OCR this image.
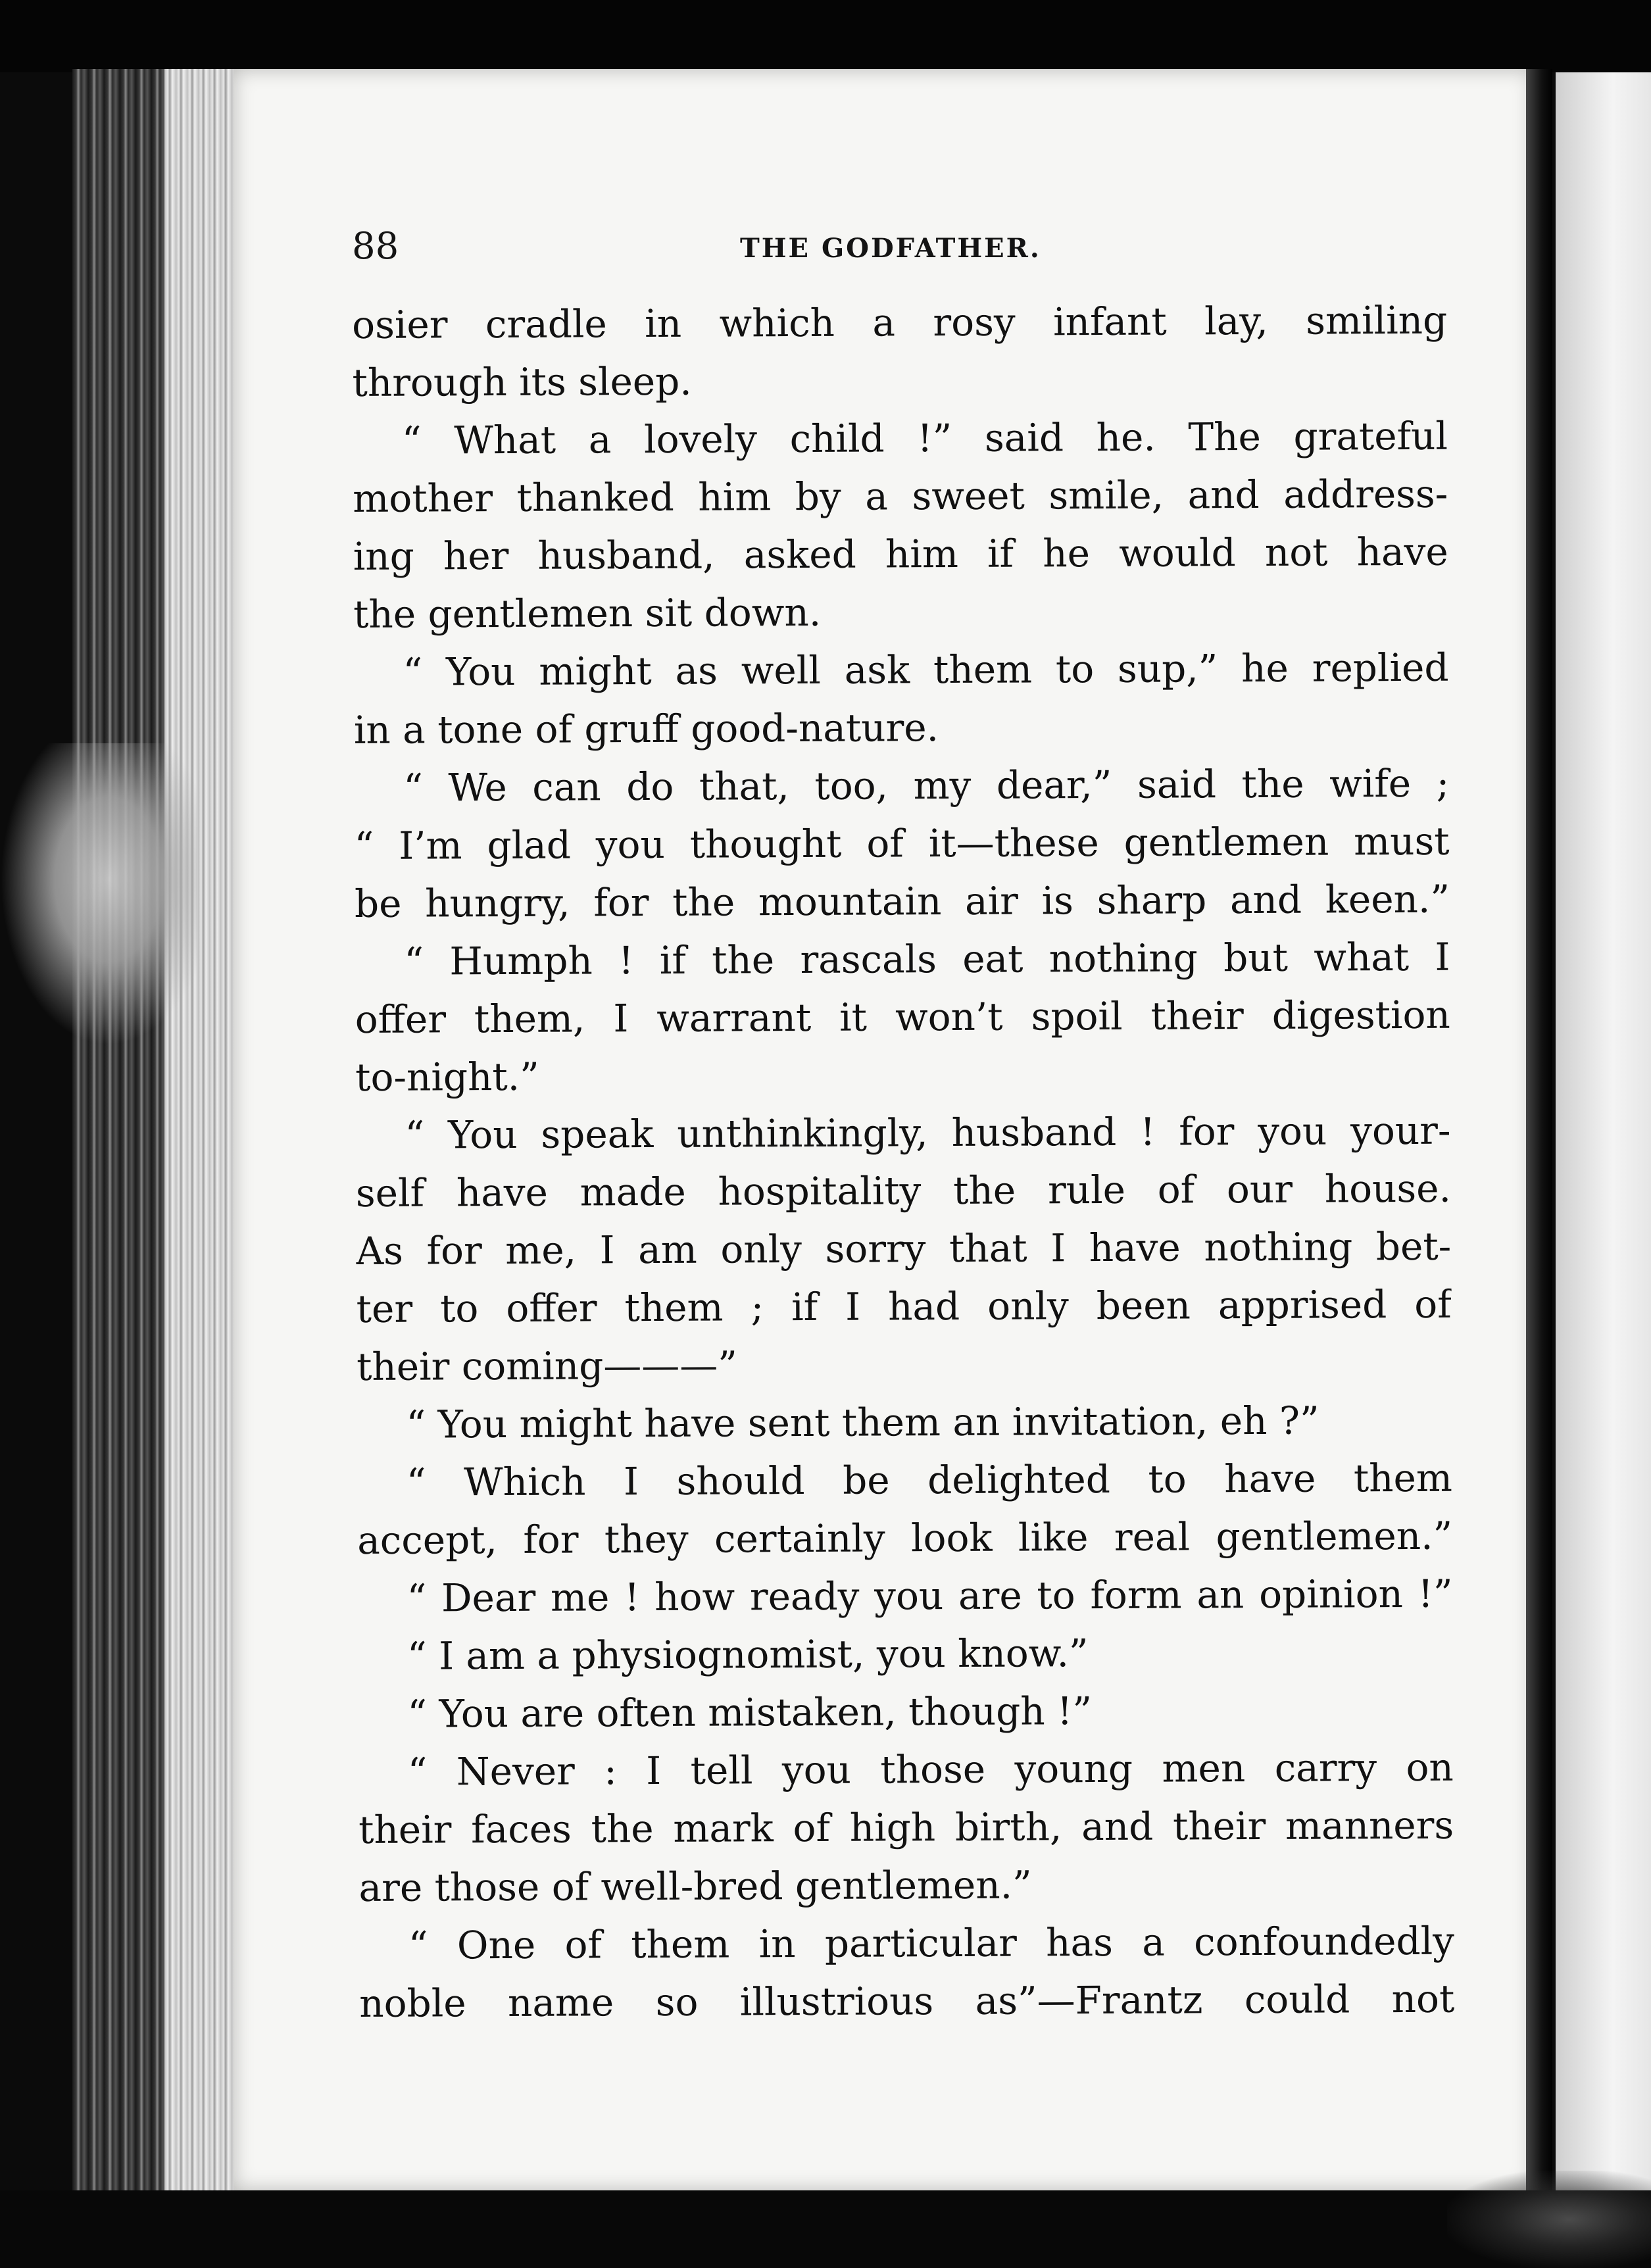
88	THE GODFATHER.
osier cradle in which a rosy infant lay, smiling
through its sleep.
“ What a lovely child !” said he. The grateful
mother thanked him by a sweet smile, and address-
ing her husband, asked him if he would not have
the gentlemen sit down.
“ You might as well ask them to sup,” he replied
in a tone of gruff good-nature.
“ We can do that, too, my dear,” said the wife ;
“ I’m glad you thought of it—these gentlemen must
be hungry, for the mountain air is sharp and keen.”
“ Humph ! if the rascals eat nothing but what I
offer them, I warrant it won’t spoil their digestion
to-night.”
“ You speak unthinkingly, husband ! for you your-
self have made hospitality the rule of our house.
As for me, I am only sorry that I have nothing bet-
ter to offer them ; if I had only been apprised of
their coming———”
“ You might have sent them an invitation, eh ?”
“ Which I should be delighted to have them
accept, for they certainly look like real gentlemen.”
“ Dear me ! how ready you are to form an opinion !”
“ I am a physiognomist, you know.”
“ You are often mistaken, though !”
“ Never : I tell you those young men carry on
their faces the mark of high birth, and their manners
are those of well-bred gentlemen.”
“ One of them in particular has a confoundedly
noble name so illustrious as”—Frantz could not
